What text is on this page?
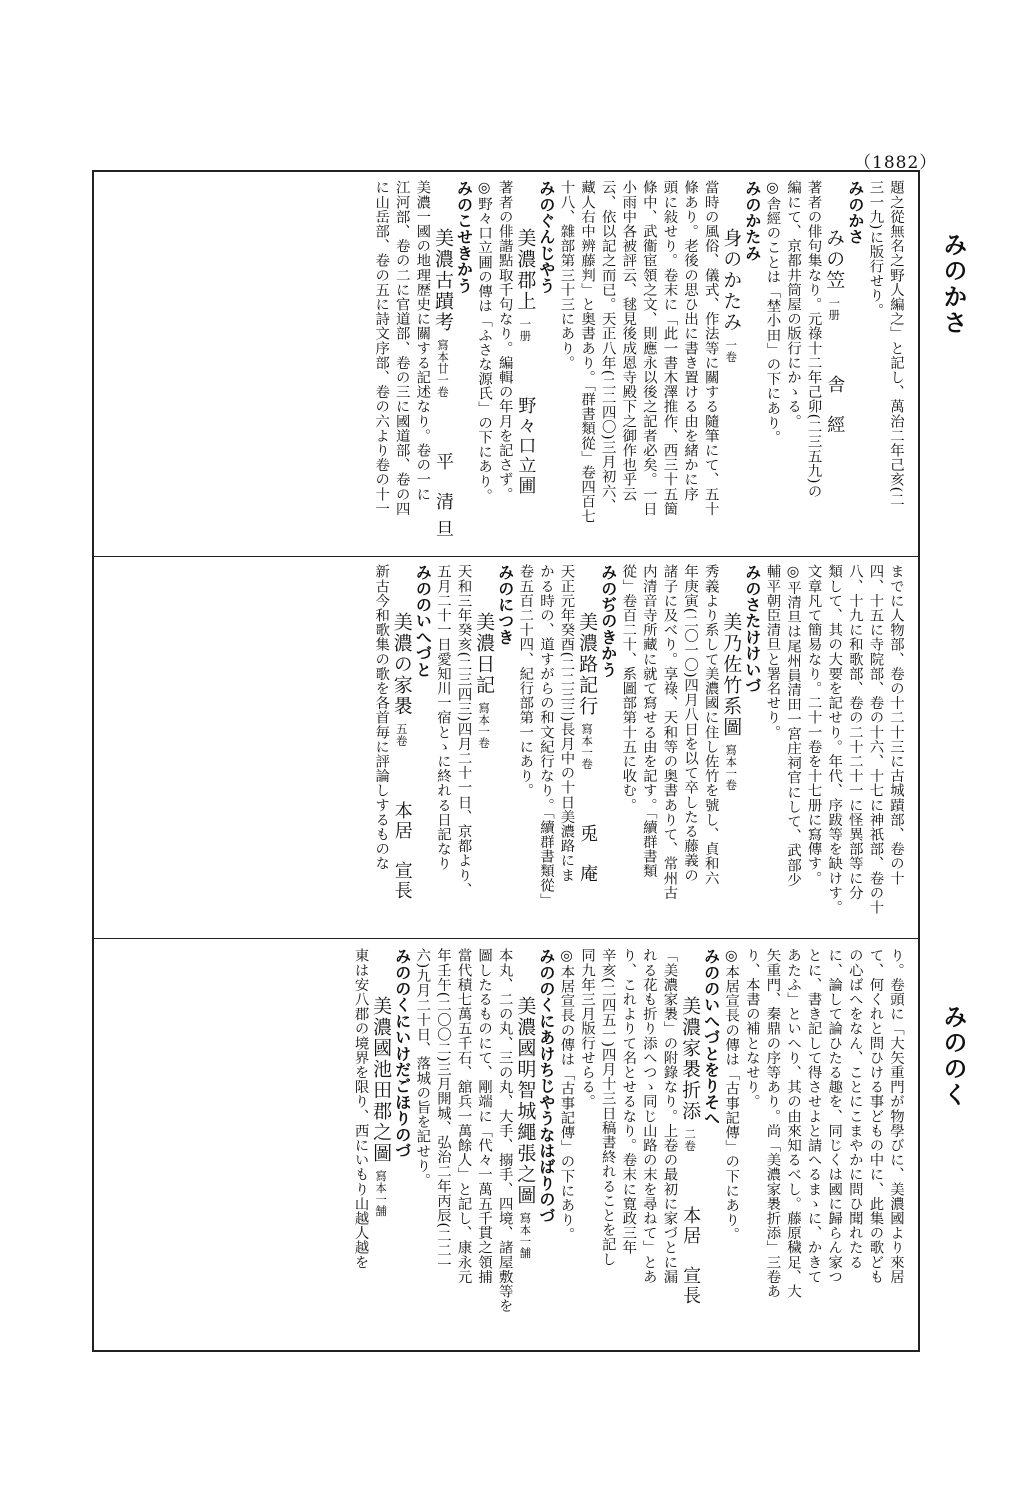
（1882）
みのかさ
みののく
題之從無名之野人編之」と記し、萬治二年己亥(二
三一九)に版行せり。
みのかさ
みの笠一册舎　經
著者の俳句集なり。元祿十二年己卯(二三五九)の
編にて、京都井筒屋の版行にかゝる。
◎舎經のことは「埜小田」の下にあり。
みのかたみ
身のかたみ一卷
當時の風俗、儀式、作法等に關する隨筆にて、五十
條あり。老後の思ひ出に書き置ける由を緒かに序
頭に敍せり。卷末に「此一書木澤推作、西三十五箇
條中、武衞宦領之文、則應永以後之記者必矣。一日
小雨中各被評云、毬見後成恩寺殿下之御作也乎云
云、依以記之而已。天正八年(二二四〇)三月初六、
藏人右中辨藤判」と奥書あり。「群書類從」卷四百七
十八、雜部第三十三にあり。
みのぐんじやう
美濃郡上一册野々口立圃
著者の俳諧點取千句なり。編輯の年月を記さず。
◎野々口立圃の傳は「ふさな源氏」の下にあり。
みのこせきかう
美濃古蹟考寫本廿一卷平　清 旦
美濃一國の地理歴史に關する記述なり。卷の一に
江河部、卷の二に官道部、卷の三に國道部、卷の四
に山岳部、卷の五に詩文序部、卷の六より卷の十一
までに人物部、卷の十二十三に古城蹟部、卷の十
四、十五に寺院部、卷の十六、十七に神祇部、卷の十
八、十九に和歌部、卷の二十二十一に怪異部等に分
類して、其の大要を記せり。年代、序跋等を缺けす。
文章凡て簡易なり。二十一卷を十七册に寫傳す。
◎平清旦は尾州員清田一宮庄祠官にして、武部少
輔平朝臣清旦と署名せり。
みのさたけけいづ
美乃佐竹系圖寫本一卷
秀義より系して美濃國に住し佐竹を號し、貞和六
年庚寅(二〇一〇)四月八日を以て卒したる藤義の
諸子に及べり。享祿、天和等の奥書ありて、常州古
内清音寺所藏に就て寫せる由を記す。「續群書類
從」卷百二十、系圖部第十五に收む。
みのぢのきかう
美濃路記行寫本一卷兎　庵
天正元年癸酉(二二三三)長月中の十日美濃路にま
かる時の、道すがらの和文紀行なり。「續群書類從」
卷五百二十四、紀行部第一にあり。
みのにつき
美濃日記寫本一卷
天和三年癸亥(二三四三)四月二十一日、京都より、
五月二十一日愛知川一宿とゝに終れる日記なり
みののいへづと
美濃の家褁五卷本居　宣長
新古今和歌集の歌を各首毎に評論しするものな
り。卷頭に「大矢重門が物學びに、美濃國より來居
て、何くれと問ひける事どもの中に、此集の歌ども
の心ばへをなん、ことにこまやかに問ひ聞れたる
に、論して論ひたる趣を、同じくは國に歸らん家つ
とに、書き記して得させよと請へるまゝに、かきて
あたふ」といへり、其の由來知るべし。藤原穢足、大
矢重門、秦鼎の序等あり。尚「美濃家褁折添」三卷あ
り、本書の補となせり。
◎本居宣長の傳は「古事記傳」の下にあり。
みののいへづとをりそへ
美濃家褁折添二卷本居　宣長
「美濃家褁」の附錄なり。上卷の最初に家づとに漏
れる花も折り添へつゝ同じ山路の末を尋ねて」とあ
り、これよりて名とせるなり。卷末に寛政三年
辛亥(二四五一)四月十三日稿書終れることを記し
同九年三月版行せらる。
◎本居宣長の傳は「古事記傳」の下にあり。
みののくにあけちじやうなはばりのづ
美濃國明智城繩張之圖寫本一舗
本丸、二の丸、三の丸、大手、搦手、四境、諸屋敷等を
圖したるものにて、剛端に「代々一萬五千貫之領捕
當代積七萬五千石、舘兵一萬餘人」と記し、康永元
年壬午(二〇〇二)三月開城、弘治二年丙辰(二二一
六)九月二十日、落城の旨を記せり。
みののくにいけだごほりのづ
美濃國池田郡之圖寫本一舗
東は安八郡の境界を限り、西にいもり山越人越を
